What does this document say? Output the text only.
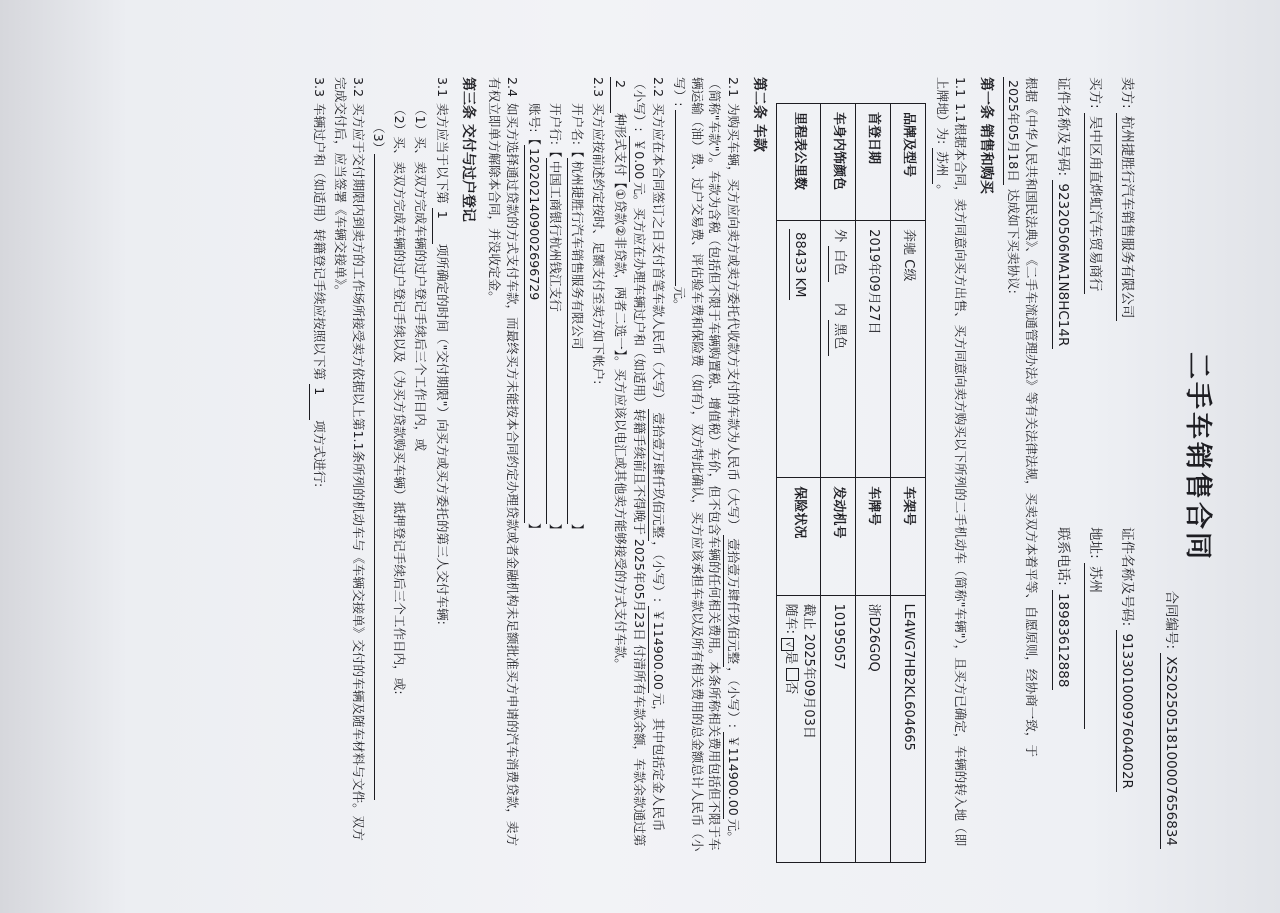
二手车销售合同
合同编号: XS20250518100007656834
卖方: 杭州捷胜行汽车销售服务有限公司
证件名称及号码: 91330100097604002R
买方: 吴中区甪直烨虹汽车贸易商行
地址: 苏州
证件名称及号码: 92320506MA1N8HC14R
联系电话: 18983612888
根据《中华人民共和国民法典》、《二手车流通管理办法》等有关法律法规，买卖双方本着平等、自愿原则，经协商一致，于 2025年05月18日 达成如下买卖协议:
第一条 销售和购买
1.11.1根据本合同，卖方同意向买方出售、买方同意向卖方购买以下所列的二手机动车（简称"车辆"），且买方已确定，车辆的转入地（即上牌地）为: 苏州。
品牌及型号	奔驰 C级	车架号	LE4WG7HB2KL604665
首登日期	2019年09月27日	车牌号	浙D26G0Q
车身内饰颜色	外 白色     内 黑色	发动机号	10195057
里程表公里数	88433 KM	保险状况	截止 2025年09月03日
随车: √是 否
第二条 车款
2.1为购买车辆，买方应向卖方或卖方委托代收款方支付的车款为人民币（大写） 壹拾壹万肆仟玖佰元整，（小写）: ￥114900.00元。（简称"车款"）。车款为含税（包括但不限于车辆购置税、增值税）车价，但不包含车辆的任何相关费用。本条所称相关费用包括但不限于车辆运输（油）费、过户交易费、评估验车费和保险费（如有），双方特此确认，买方应该承担车款以及所有相关费用的总金额总计人民币（小写）: 元。
2.2买方应在本合同签订之日支付首笔车款人民币（大写） 壹拾壹万肆仟玖佰元整，（小写）: ￥114900.00元，其中包括定金人民币（小写）: ￥0.00元。买方应在办理车辆过户和（如适用）转籍手续前且不得晚于 2025年05月23日 付清所有车款余额，车款余款通过第 2种形式支付【①贷款②非贷款，两者二选一】。买方应该以电汇或其他卖方能够接受的方式支付车款。
2.3买方应按前述约定按时、足额支付至卖方如下帐户:
开户名:【杭州捷胜行汽车销售服务有限公司】
开户行:【中国工商银行杭州钱江支行】
账号:【1202021409002696729】
2.4如买方选择通过贷款的方式支付车款，而最终买方未能按本合同约定办理贷款或者金融机构未足额批准买方申请的汽车消费贷款，卖方有权立即单方解除本合同，并没收定金。
第三条 交付与过户登记
3.1卖方应当于以下第 1项所确定的时间（"交付期限"）向买方或买方委托的第三人交付车辆:
（1）买、卖双方完成车辆的过户登记手续后三个工作日内，或
（2）买、卖双方完成车辆的过户登记手续以及（为买方贷款购买车辆）抵押登记手续后三个工作日内，或:
（3）
3.2买方应于交付期限内到卖方的工作场所接受卖方依据以上第1.1条所列的机动车与《车辆交接单》交付的车辆及随车材料与文件。双方完成交付后，应当签署《车辆交接单》。
3.3车辆过户和（如适用）转籍登记手续应按照以下第 1项方式进行:
